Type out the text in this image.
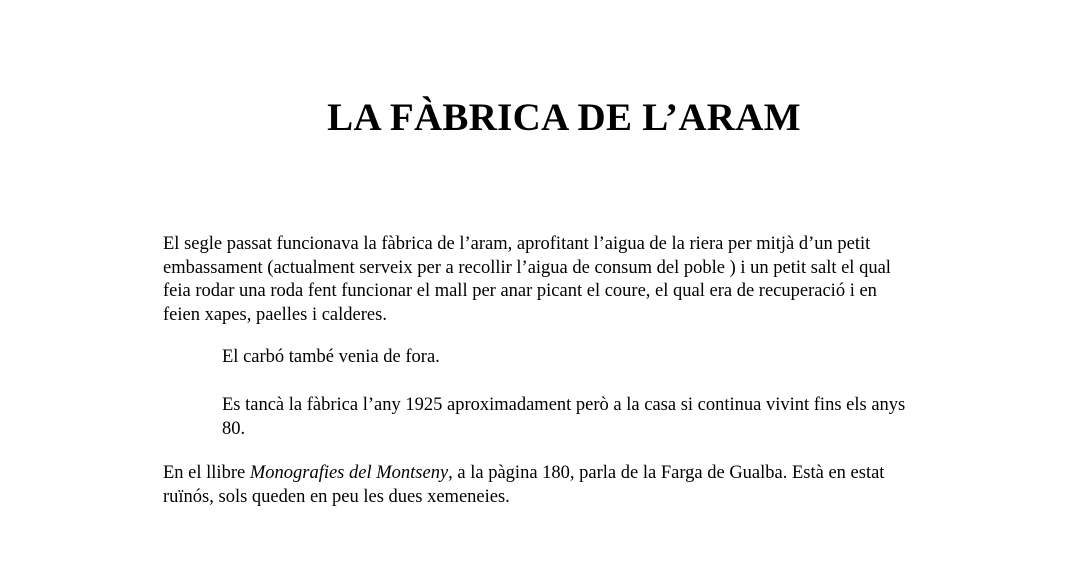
LA FÀBRICA DE L’ARAM

El segle passat funcionava la fàbrica de l’aram, aprofitant l’aigua de la riera per mitjà d’un petit
embassament (actualment serveix per a recollir l’aigua de consum del poble ) i un petit salt el qual
feia rodar una roda fent funcionar el mall per anar picant el coure, el qual era de recuperació i en
feien xapes, paelles i calderes.

El carbó també venia de fora.

Es tancà la fàbrica l’any 1925 aproximadament però a la casa si continua vivint fins els anys
80.

En el llibre Monografies del Montseny, a la pàgina 180, parla de la Farga de Gualba. Està en estat
ruïnós, sols queden en peu les dues xemeneies.
